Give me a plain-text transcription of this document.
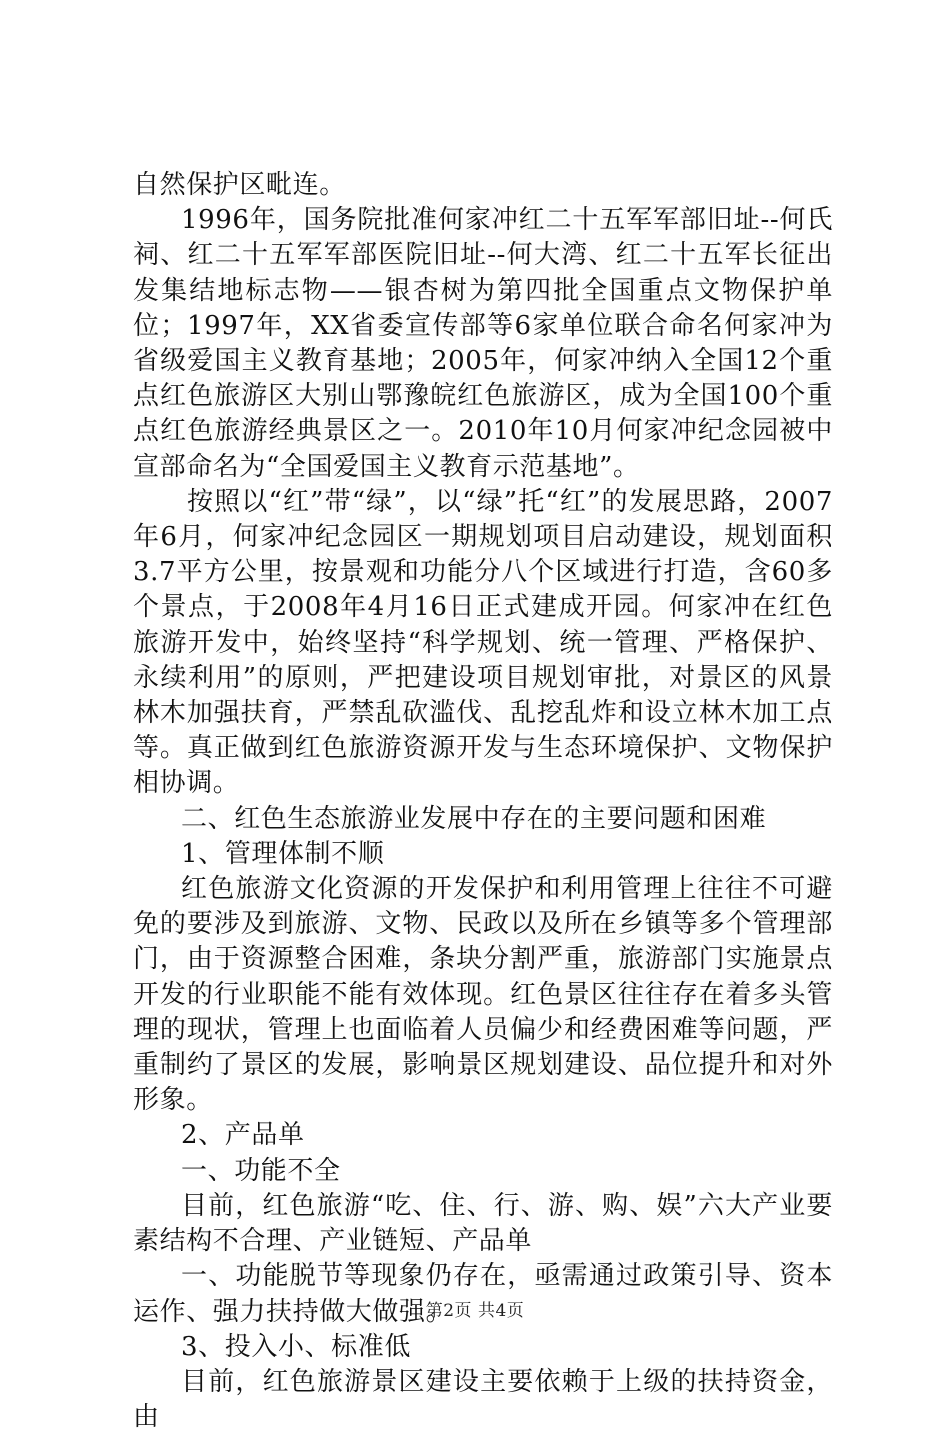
自然保护区毗连。

1996年，国务院批准何家冲红二十五军军部旧址--何氏祠、红二十五军军部医院旧址--何大湾、红二十五军长征出发集结地标志物——银杏树为第四批全国重点文物保护单位；1997年，XX省委宣传部等6家单位联合命名何家冲为省级爱国主义教育基地；2005年，何家冲纳入全国12个重点红色旅游区大别山鄂豫皖红色旅游区，成为全国100个重点红色旅游经典景区之一。2010年10月何家冲纪念园被中宣部命名为“全国爱国主义教育示范基地”。

按照以“红”带“绿”，以“绿”托“红”的发展思路，2007年6月，何家冲纪念园区一期规划项目启动建设，规划面积3.7平方公里，按景观和功能分八个区域进行打造，含60多个景点，于2008年4月16日正式建成开园。何家冲在红色旅游开发中，始终坚持“科学规划、统一管理、严格保护、永续利用”的原则，严把建设项目规划审批，对景区的风景林木加强扶育，严禁乱砍滥伐、乱挖乱炸和设立林木加工点等。真正做到红色旅游资源开发与生态环境保护、文物保护相协调。

二、红色生态旅游业发展中存在的主要问题和困难

1、管理体制不顺

红色旅游文化资源的开发保护和利用管理上往往不可避免的要涉及到旅游、文物、民政以及所在乡镇等多个管理部门，由于资源整合困难，条块分割严重，旅游部门实施景点开发的行业职能不能有效体现。红色景区往往存在着多头管理的现状，管理上也面临着人员偏少和经费困难等问题，严重制约了景区的发展，影响景区规划建设、品位提升和对外形象。

2、产品单

一、功能不全

目前，红色旅游“吃、住、行、游、购、娱”六大产业要素结构不合理、产业链短、产品单

一、功能脱节等现象仍存在，亟需通过政策引导、资本运作、强力扶持做大做强。

3、投入小、标准低

目前，红色旅游景区建设主要依赖于上级的扶持资金，由

第2页 共4页
